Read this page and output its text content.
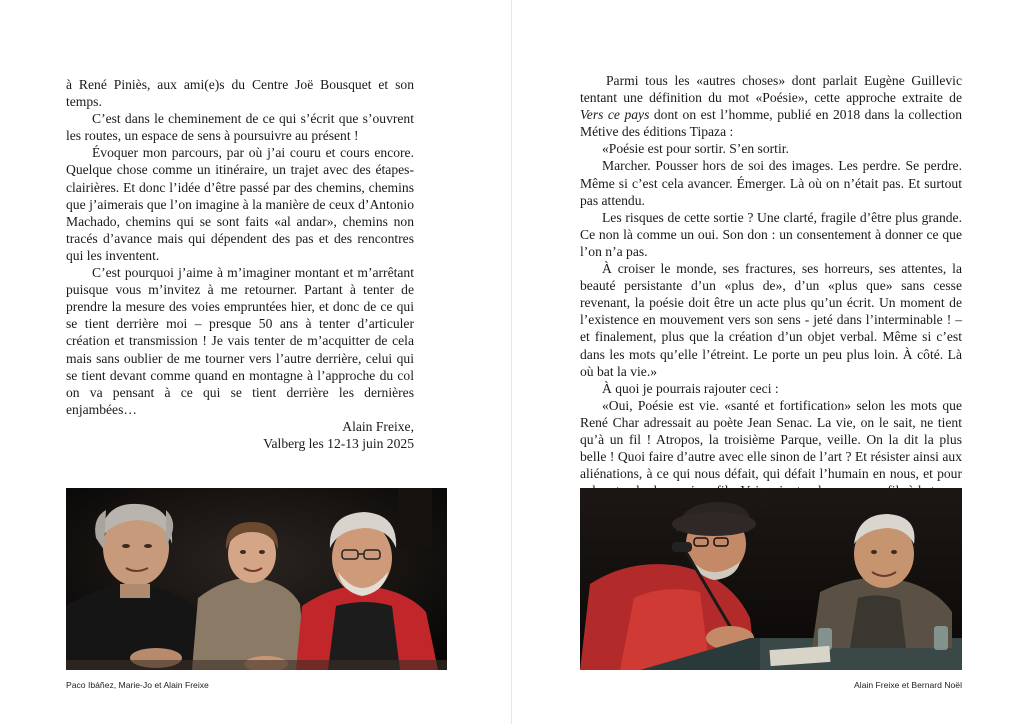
à René Piniès, aux ami(e)s du Centre Joë Bousquet et son temps.

C’est dans le cheminement de ce qui s’écrit que s’ouvrent les routes, un espace de sens à poursuivre au présent !

Évoquer mon parcours, par où j’ai couru et cours encore. Quelque chose comme un itinéraire, un trajet avec des étapes-clairières. Et donc l’idée d’être passé par des chemins, chemins que j’aimerais que l’on imagine à la manière de ceux d’Antonio Machado, chemins qui se sont faits «al andar», chemins non tracés d’avance mais qui dépendent des pas et des rencontres qui les inventent.

C’est pourquoi j’aime à m’imaginer montant et m’arrêtant puisque vous m’invitez à me retourner. Partant à tenter de prendre la mesure des voies empruntées hier, et donc de ce qui se tient derrière moi – presque 50 ans à tenter d’articuler création et transmission ! Je vais tenter de m’acquitter de cela mais sans oublier de me tourner vers l’autre derrière, celui qui se tient devant comme quand en montagne à l’approche du col on va pensant à ce qui se tient derrière les dernières enjambées…

Alain Freixe,
Valberg les 12-13 juin 2025
Paco Ibáñez, Marie-Jo et Alain Freixe

Parmi tous les «autres choses» dont parlait Eugène Guillevic tentant une définition du mot «Poésie», cette approche extraite de Vers ce pays dont on est l’homme, publié en 2018 dans la collection Métive des éditions Tipaza :

«Poésie est pour sortir. S’en sortir.

Marcher. Pousser hors de soi des images. Les perdre. Se perdre. Même si c’est cela avancer. Émerger. Là où on n’était pas. Et surtout pas attendu.

Les risques de cette sortie ? Une clarté, fragile d’être plus grande. Ce non là comme un oui. Son don : un consentement à donner ce que l’on n’a pas.

À croiser le monde, ses fractures, ses horreurs, ses attentes, la beauté persistante d’un «plus de», d’un «plus que» sans cesse revenant, la poésie doit être un acte plus qu’un écrit. Un moment de l’existence en mouvement vers son sens - jeté dans l’interminable ! – et finalement, plus que la création d’un objet verbal. Même si c’est dans les mots qu’elle l’étreint. Le porte un peu plus loin. À côté. Là où bat la vie.»

À quoi je pourrais rajouter ceci :

«Oui, Poésie est vie. «santé et fortification» selon les mots que René Char adressait au poète Jean Senac. La vie, on le sait, ne tient qu’à un fil ! Atropos, la troisième Parque, veille. On la dit la plus belle ! Quoi faire d’autre avec elle sinon de l’art ? Et résister ainsi aux aliénations, à ce qui nous défait, qui défait l’humain en nous, et pour

Alain Freixe et Bernard Noël
